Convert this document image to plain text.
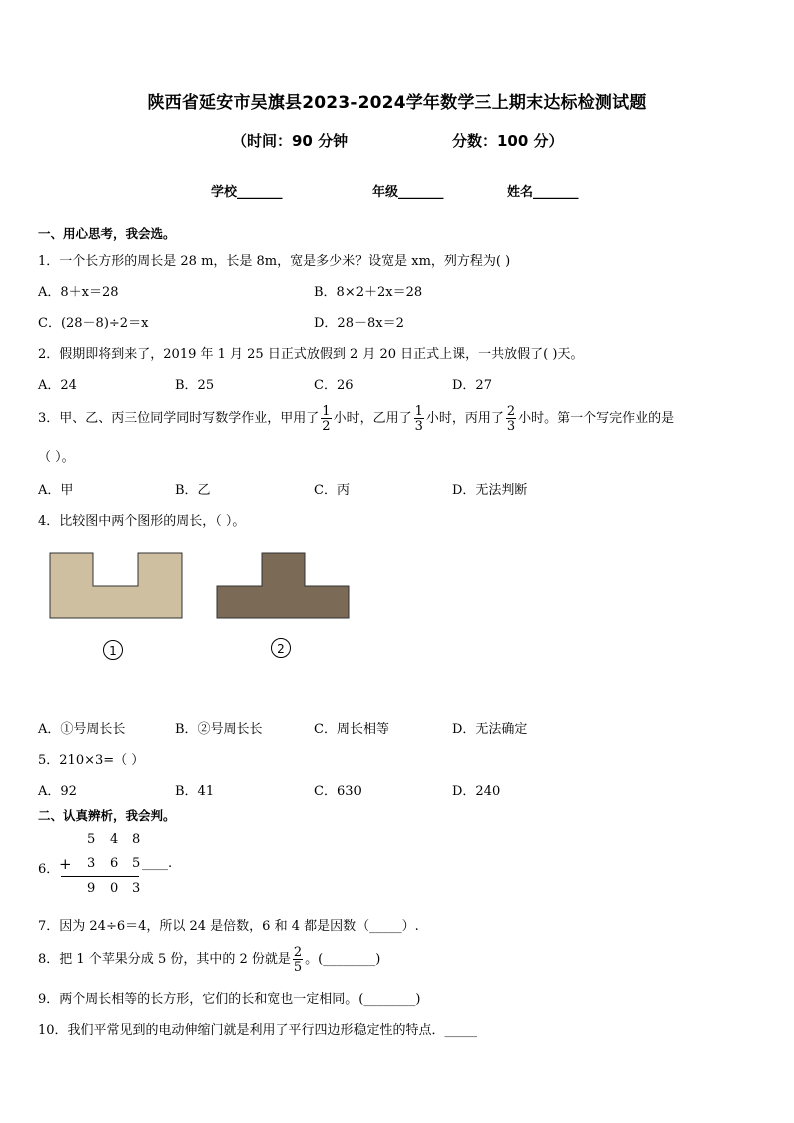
陕西省延安市吴旗县2023-2024学年数学三上期末达标检测试题
（时间：90 分钟	分数：100 分）
学校_______	年级_______	姓名_______
一、用心思考，我会选。
1．一个长方形的周长是 28 m，长是 8m，宽是多少米？设宽是 xm，列方程为( )
A．8＋x＝28	B．8×2＋2x＝28
C．(28－8)÷2＝x	D．28－8x＝2
2．假期即将到来了，2019 年 1 月 25 日正式放假到 2 月 20 日正式上课，一共放假了( )天。
A．24	B．25	C．26	D．27
3．甲、乙、丙三位同学同时写数学作业，甲用了 $\frac{1}{2}$ 小时，乙用了 $\frac{1}{3}$ 小时，丙用了 $\frac{2}{3}$ 小时。第一个写完作业的是
（ ）。
A．甲	B．乙	C．丙	D．无法判断
4．比较图中两个图形的周长，（ ）。
1	2
A．①号周长长	B．②号周长长	C．周长相等	D．无法确定
5．210×3=（ ）
A．92	B．41	C．630	D．240
二、认真辨析，我会判。
6．
5 4 8
+ 3 6 5 ____.
9 0 3
7．因为 24÷6＝4，所以 24 是倍数，6 和 4 都是因数（_____）.
8．把 1 个苹果分成 5 份，其中的 2 份就是 $\frac{2}{5}$ 。(________)
9．两个周长相等的长方形，它们的长和宽也一定相同。(________)
10．我们平常见到的电动伸缩门就是利用了平行四边形稳定性的特点．_____
